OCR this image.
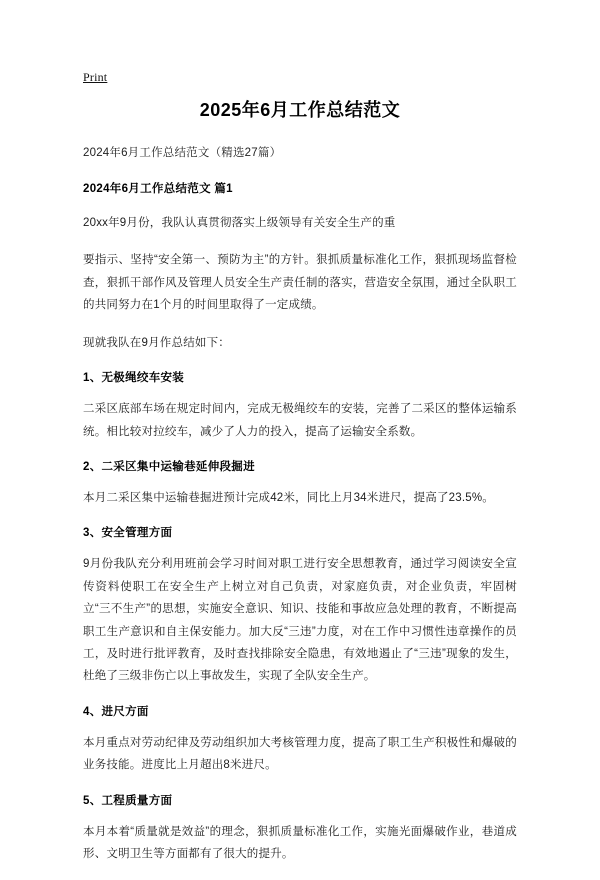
Print
2025年6月工作总结范文
2024年6月工作总结范文（精选27篇）
2024年6月工作总结范文 篇1

20xx年9月份，我队认真贯彻落实上级领导有关安全生产的重

要指示、坚持“安全第一、预防为主”的方针。狠抓质量标准化工作，狠抓现场监督检查，狠抓干部作风及管理人员安全生产责任制的落实，营造安全氛围，通过全队职工的共同努力在1个月的时间里取得了一定成绩。

现就我队在9月作总结如下：

1、无极绳绞车安装

二采区底部车场在规定时间内，完成无极绳绞车的安装，完善了二采区的整体运输系统。相比较对拉绞车，减少了人力的投入，提高了运输安全系数。

2、二采区集中运输巷延伸段掘进

本月二采区集中运输巷掘进预计完成42米，同比上月34米进尺，提高了23.5%。

3、安全管理方面

9月份我队充分利用班前会学习时间对职工进行安全思想教育，通过学习阅读安全宣传资料使职工在安全生产上树立对自己负责，对家庭负责，对企业负责，牢固树立“三不生产”的思想，实施安全意识、知识、技能和事故应急处理的教育，不断提高职工生产意识和自主保安能力。加大反“三违”力度，对在工作中习惯性违章操作的员工，及时进行批评教育，及时查找排除安全隐患，有效地遏止了“三违”现象的发生，杜绝了三级非伤亡以上事故发生，实现了全队安全生产。

4、进尺方面

本月重点对劳动纪律及劳动组织加大考核管理力度，提高了职工生产积极性和爆破的业务技能。进度比上月超出8米进尺。

5、工程质量方面

本月本着“质量就是效益”的理念，狠抓质量标准化工作，实施光面爆破作业，巷道成形、文明卫生等方面都有了很大的提升。
